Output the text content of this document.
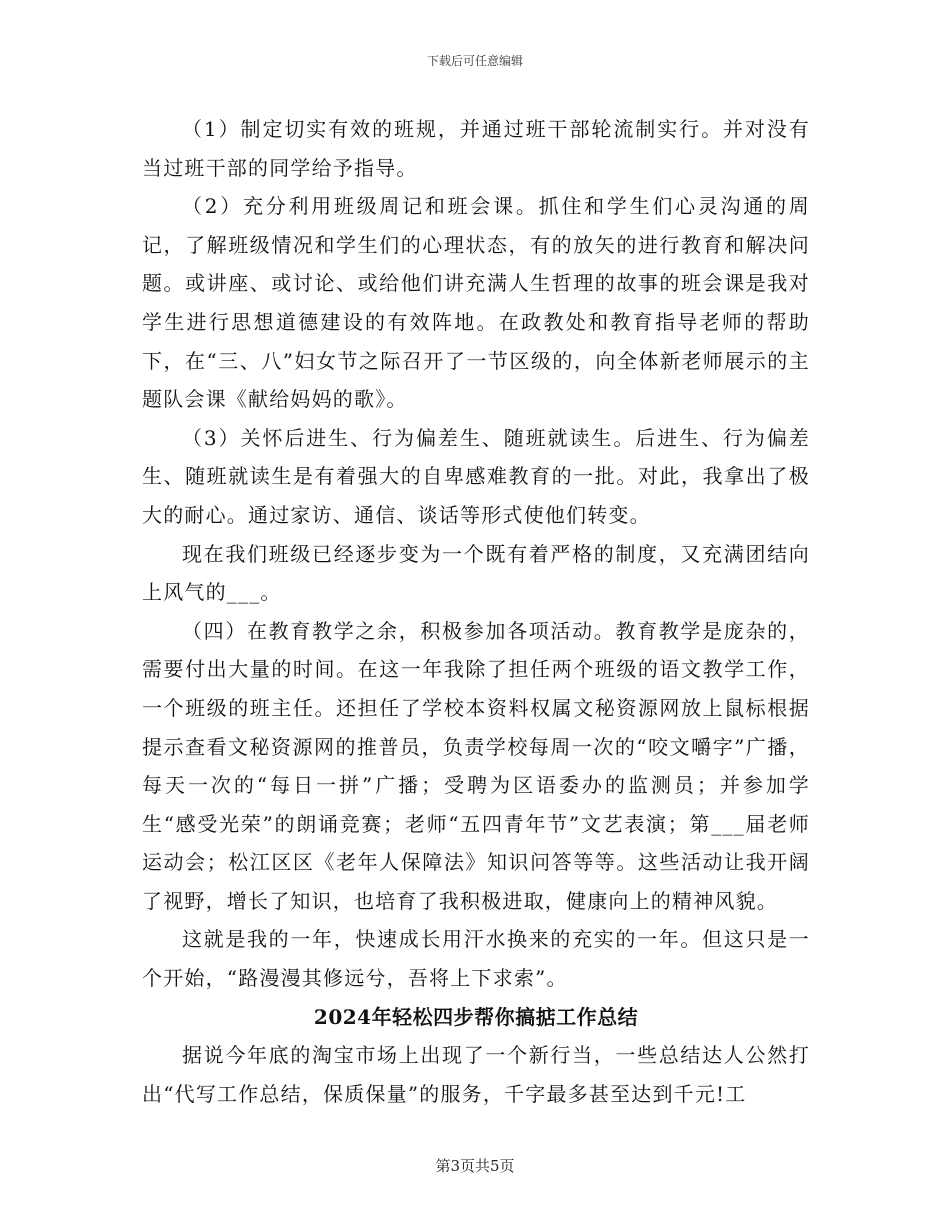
下载后可任意编辑

（1）制定切实有效的班规，并通过班干部轮流制实行。并对没有当过班干部的同学给予指导。

（2）充分利用班级周记和班会课。抓住和学生们心灵沟通的周记，了解班级情况和学生们的心理状态，有的放矢的进行教育和解决问题。或讲座、或讨论、或给他们讲充满人生哲理的故事的班会课是我对学生进行思想道德建设的有效阵地。在政教处和教育指导老师的帮助下，在“三、八”妇女节之际召开了一节区级的，向全体新老师展示的主题队会课《献给妈妈的歌》。

（3）关怀后进生、行为偏差生、随班就读生。后进生、行为偏差生、随班就读生是有着强大的自卑感难教育的一批。对此，我拿出了极大的耐心。通过家访、通信、谈话等形式使他们转变。

现在我们班级已经逐步变为一个既有着严格的制度，又充满团结向上风气的___。

（四）在教育教学之余，积极参加各项活动。教育教学是庞杂的，需要付出大量的时间。在这一年我除了担任两个班级的语文教学工作，一个班级的班主任。还担任了学校本资料权属文秘资源网放上鼠标根据提示查看文秘资源网的推普员，负责学校每周一次的“咬文嚼字”广播，每天一次的“每日一拼”广播；受聘为区语委办的监测员；并参加学生“感受光荣”的朗诵竞赛；老师“五四青年节”文艺表演；第___届老师运动会；松江区区《老年人保障法》知识问答等等。这些活动让我开阔了视野，增长了知识，也培育了我积极进取，健康向上的精神风貌。

这就是我的一年，快速成长用汗水换来的充实的一年。但这只是一个开始，“路漫漫其修远兮，吾将上下求索”。

2024年轻松四步帮你搞掂工作总结

据说今年底的淘宝市场上出现了一个新行当，一些总结达人公然打出“代写工作总结，保质保量”的服务，千字最多甚至达到千元!工

第3页共5页
